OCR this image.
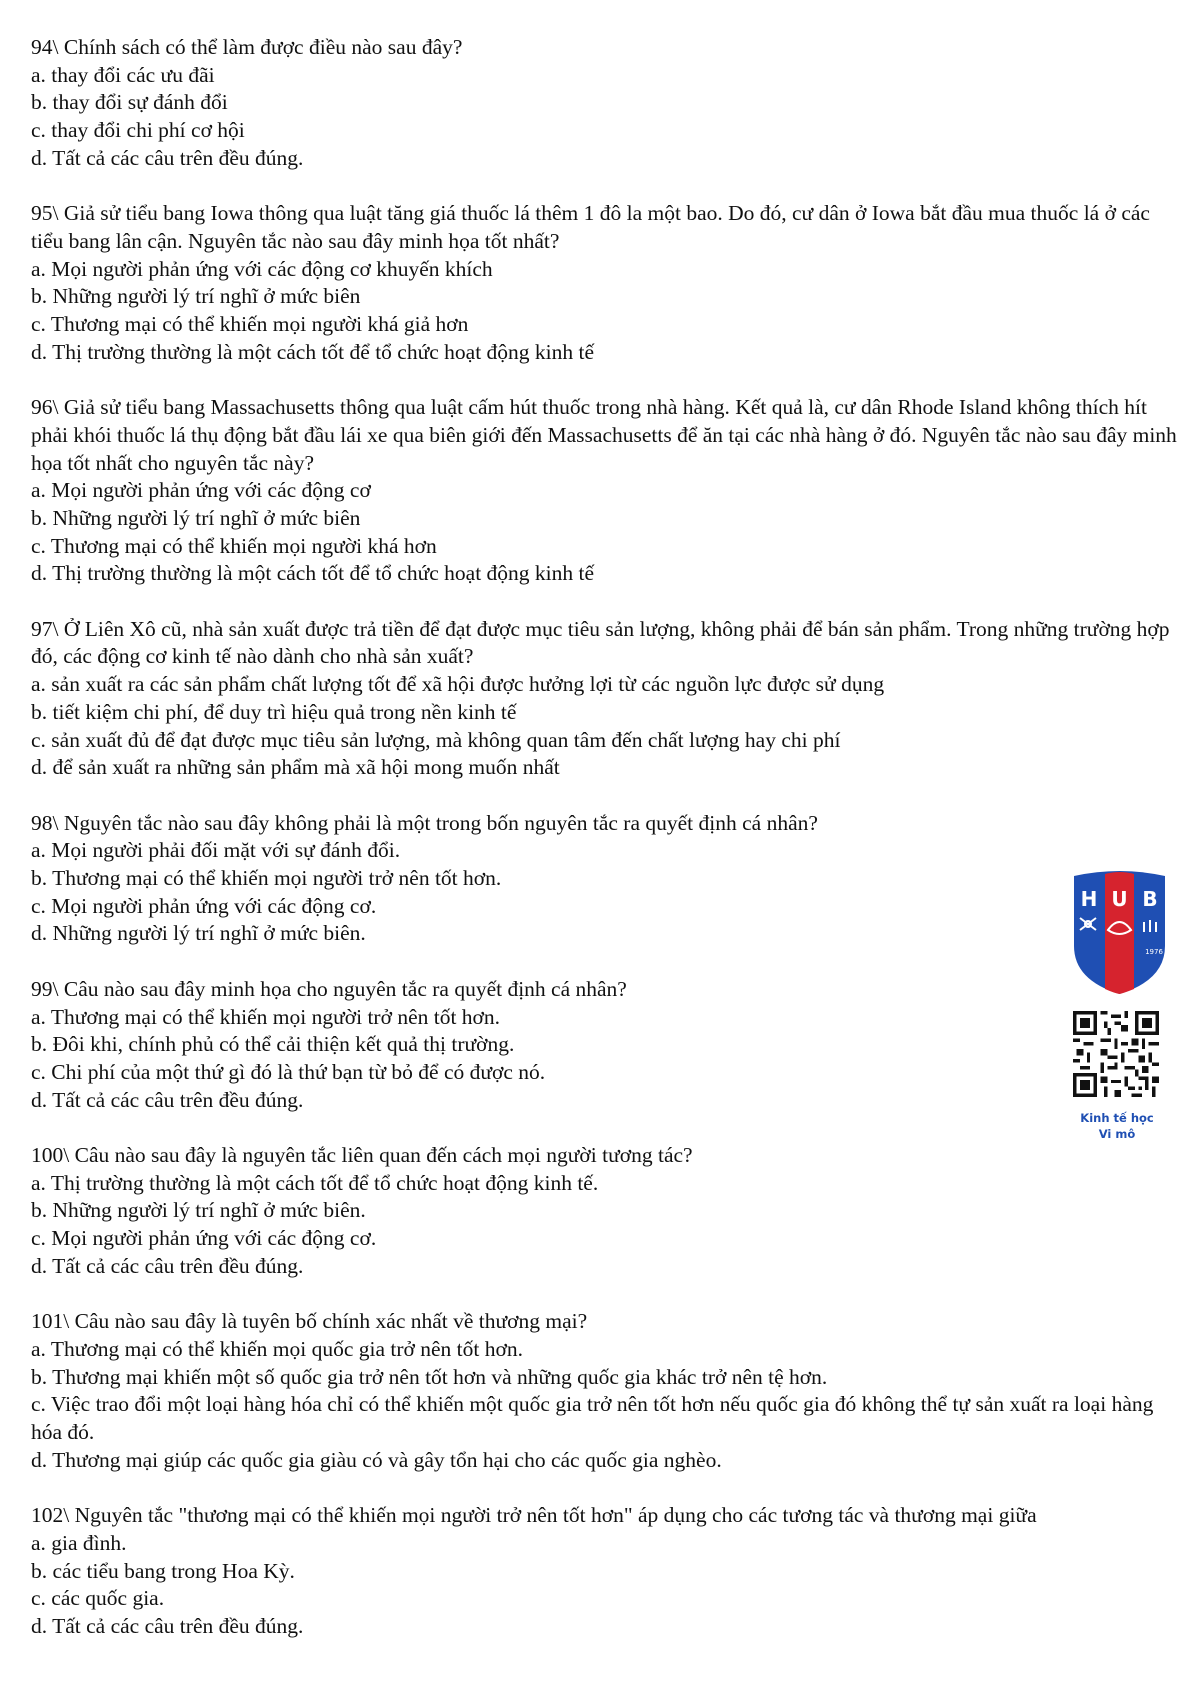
94\ Chính sách có thể làm được điều nào sau đây?
a. thay đổi các ưu đãi
b. thay đổi sự đánh đổi
c. thay đổi chi phí cơ hội
d. Tất cả các câu trên đều đúng.
95\ Giả sử tiểu bang Iowa thông qua luật tăng giá thuốc lá thêm 1 đô la một bao. Do đó, cư dân ở Iowa bắt đầu mua thuốc lá ở các tiểu bang lân cận. Nguyên tắc nào sau đây minh họa tốt nhất?
a. Mọi người phản ứng với các động cơ khuyến khích
b. Những người lý trí nghĩ ở mức biên
c. Thương mại có thể khiến mọi người khá giả hơn
d. Thị trường thường là một cách tốt để tổ chức hoạt động kinh tế
96\ Giả sử tiểu bang Massachusetts thông qua luật cấm hút thuốc trong nhà hàng. Kết quả là, cư dân Rhode Island không thích hít phải khói thuốc lá thụ động bắt đầu lái xe qua biên giới đến Massachusetts để ăn tại các nhà hàng ở đó. Nguyên tắc nào sau đây minh họa tốt nhất cho nguyên tắc này?
a. Mọi người phản ứng với các động cơ
b. Những người lý trí nghĩ ở mức biên
c. Thương mại có thể khiến mọi người khá hơn
d. Thị trường thường là một cách tốt để tổ chức hoạt động kinh tế
97\ Ở Liên Xô cũ, nhà sản xuất được trả tiền để đạt được mục tiêu sản lượng, không phải để bán sản phẩm. Trong những trường hợp đó, các động cơ kinh tế nào dành cho nhà sản xuất?
a. sản xuất ra các sản phẩm chất lượng tốt để xã hội được hưởng lợi từ các nguồn lực được sử dụng
b. tiết kiệm chi phí, để duy trì hiệu quả trong nền kinh tế
c. sản xuất đủ để đạt được mục tiêu sản lượng, mà không quan tâm đến chất lượng hay chi phí
d. để sản xuất ra những sản phẩm mà xã hội mong muốn nhất
98\ Nguyên tắc nào sau đây không phải là một trong bốn nguyên tắc ra quyết định cá nhân?
a. Mọi người phải đối mặt với sự đánh đổi.
b. Thương mại có thể khiến mọi người trở nên tốt hơn.
c. Mọi người phản ứng với các động cơ.
d. Những người lý trí nghĩ ở mức biên.
99\ Câu nào sau đây minh họa cho nguyên tắc ra quyết định cá nhân?
a. Thương mại có thể khiến mọi người trở nên tốt hơn.
b. Đôi khi, chính phủ có thể cải thiện kết quả thị trường.
c. Chi phí của một thứ gì đó là thứ bạn từ bỏ để có được nó.
d. Tất cả các câu trên đều đúng.
100\ Câu nào sau đây là nguyên tắc liên quan đến cách mọi người tương tác?
a. Thị trường thường là một cách tốt để tổ chức hoạt động kinh tế.
b. Những người lý trí nghĩ ở mức biên.
c. Mọi người phản ứng với các động cơ.
d. Tất cả các câu trên đều đúng.
101\ Câu nào sau đây là tuyên bố chính xác nhất về thương mại?
a. Thương mại có thể khiến mọi quốc gia trở nên tốt hơn.
b. Thương mại khiến một số quốc gia trở nên tốt hơn và những quốc gia khác trở nên tệ hơn.
c. Việc trao đổi một loại hàng hóa chỉ có thể khiến một quốc gia trở nên tốt hơn nếu quốc gia đó không thể tự sản xuất ra loại hàng hóa đó.
d. Thương mại giúp các quốc gia giàu có và gây tổn hại cho các quốc gia nghèo.
102\ Nguyên tắc "thương mại có thể khiến mọi người trở nên tốt hơn" áp dụng cho các tương tác và thương mại giữa
a. gia đình.
b. các tiểu bang trong Hoa Kỳ.
c. các quốc gia.
d. Tất cả các câu trên đều đúng.
H U B
1976
Kinh tế học
Vi mô
